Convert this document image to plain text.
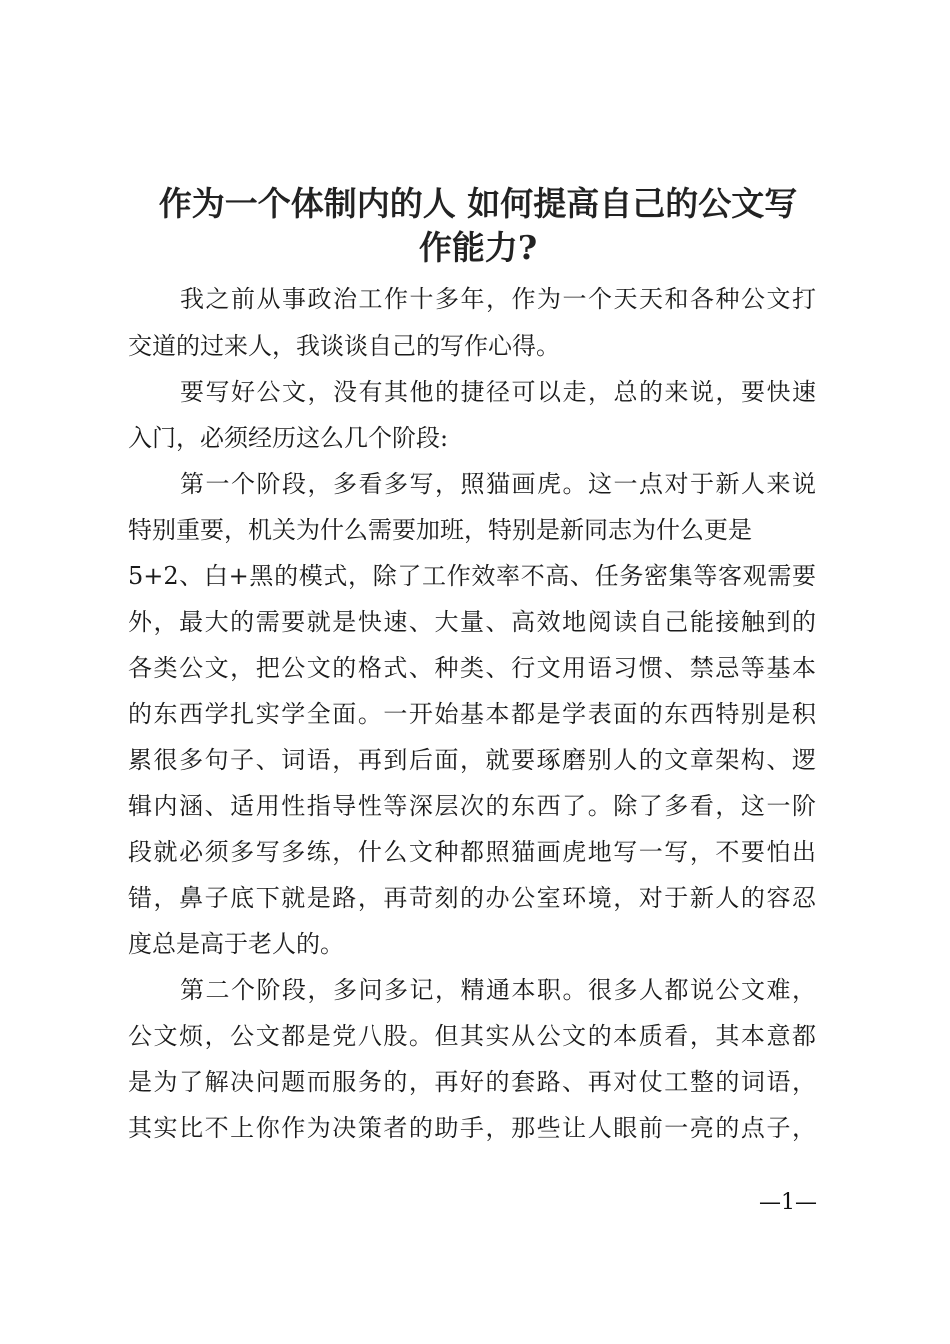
作为一个体制内的人 如何提高自己的公文写
作能力?
我之前从事政治工作十多年，作为一个天天和各种公文打
交道的过来人，我谈谈自己的写作心得。
要写好公文，没有其他的捷径可以走，总的来说，要快速
入门，必须经历这么几个阶段:
第一个阶段，多看多写，照猫画虎。这一点对于新人来说
特别重要，机关为什么需要加班，特别是新同志为什么更是
5+2、白+黑的模式，除了工作效率不高、任务密集等客观需要
外，最大的需要就是快速、大量、高效地阅读自己能接触到的
各类公文，把公文的格式、种类、行文用语习惯、禁忌等基本
的东西学扎实学全面。一开始基本都是学表面的东西特别是积
累很多句子、词语，再到后面，就要琢磨别人的文章架构、逻
辑内涵、适用性指导性等深层次的东西了。除了多看，这一阶
段就必须多写多练，什么文种都照猫画虎地写一写，不要怕出
错，鼻子底下就是路，再苛刻的办公室环境，对于新人的容忍
度总是高于老人的。
第二个阶段，多问多记，精通本职。很多人都说公文难，
公文烦，公文都是党八股。但其实从公文的本质看，其本意都
是为了解决问题而服务的，再好的套路、再对仗工整的词语，
其实比不上你作为决策者的助手，那些让人眼前一亮的点子，
—1—
